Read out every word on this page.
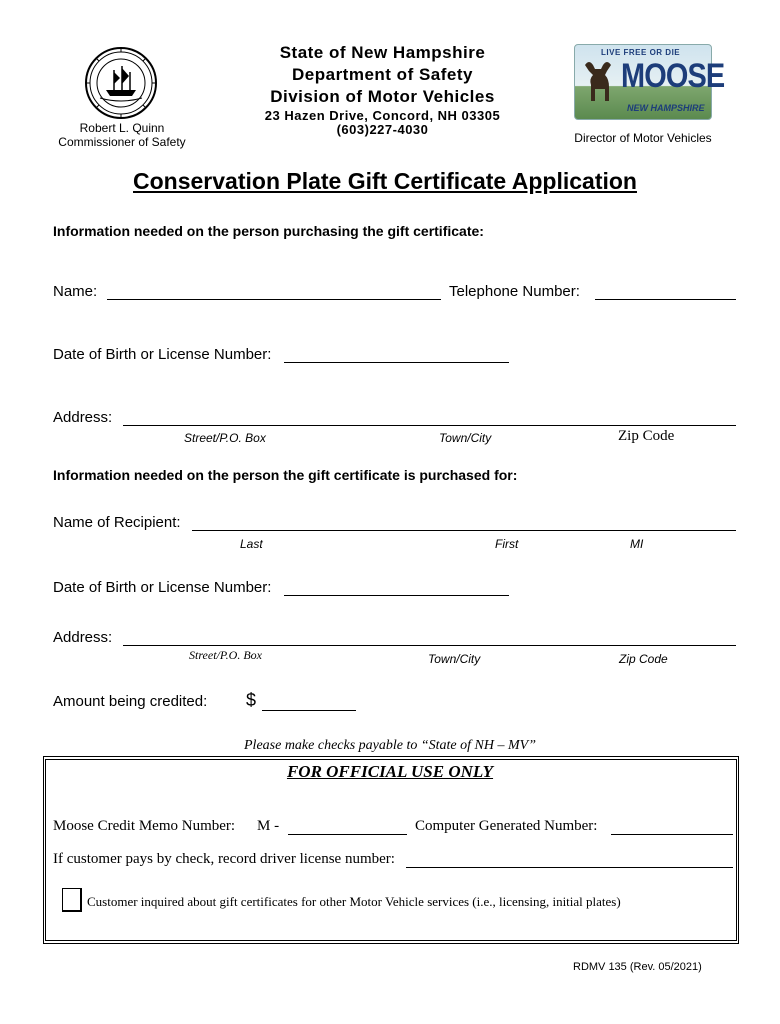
Robert L. Quinn
Commissioner of Safety
State of New Hampshire
Department of Safety
Division of Motor Vehicles
23 Hazen Drive, Concord, NH 03305
(603)227-4030
LIVE FREE OR DIE
MOOSE
NEW HAMPSHIRE
Director of Motor Vehicles
Conservation Plate Gift Certificate Application
Information needed on the person purchasing the gift certificate:
Name:	Telephone Number:
Date of Birth or License Number:
Address:
Street/P.O. Box	Town/City	Zip Code
Information needed on the person the gift certificate is purchased for:
Name of Recipient:
Last	First	MI
Date of Birth or License Number:
Address:
Street/P.O. Box	Town/City	Zip Code
Amount being credited: $
Please make checks payable to “State of NH – MV”
FOR OFFICIAL USE ONLY
Moose Credit Memo Number: M -	Computer Generated Number:
If customer pays by check, record driver license number:
Customer inquired about gift certificates for other Motor Vehicle services (i.e., licensing, initial plates)
RDMV 135 (Rev. 05/2021)
